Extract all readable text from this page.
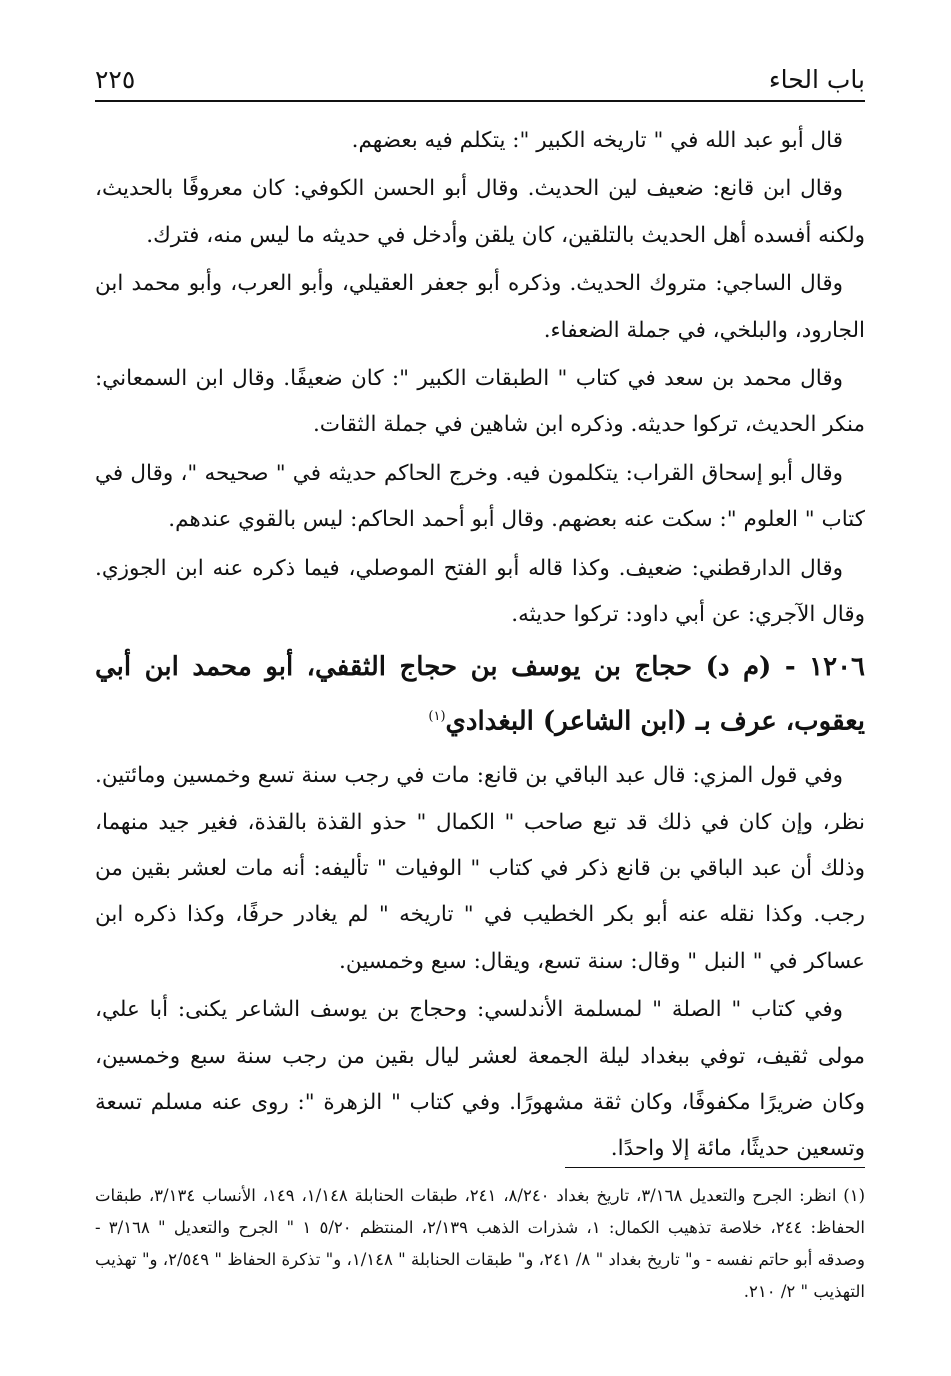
باب الحاء
٢٢٥

قال أبو عبد الله في " تاريخه الكبير ": يتكلم فيه بعضهم.

وقال ابن قانع: ضعيف لين الحديث. وقال أبو الحسن الكوفي: كان معروفًا بالحديث، ولكنه أفسده أهل الحديث بالتلقين، كان يلقن وأدخل في حديثه ما ليس منه، فترك.

وقال الساجي: متروك الحديث. وذكره أبو جعفر العقيلي، وأبو العرب، وأبو محمد ابن الجارود، والبلخي، في جملة الضعفاء.

وقال محمد بن سعد في كتاب " الطبقات الكبير ": كان ضعيفًا. وقال ابن السمعاني: منكر الحديث، تركوا حديثه. وذكره ابن شاهين في جملة الثقات.

وقال أبو إسحاق القراب: يتكلمون فيه. وخرج الحاكم حديثه في " صحيحه "، وقال في كتاب " العلوم ": سكت عنه بعضهم. وقال أبو أحمد الحاكم: ليس بالقوي عندهم.

وقال الدارقطني: ضعيف. وكذا قاله أبو الفتح الموصلي، فيما ذكره عنه ابن الجوزي. وقال الآجري: عن أبي داود: تركوا حديثه.

١٢٠٦ - (م د) حجاج بن يوسف بن حجاج الثقفي، أبو محمد ابن أبي يعقوب، عرف بـ (ابن الشاعر) البغدادي$^{(١)}$

وفي قول المزي: قال عبد الباقي بن قانع: مات في رجب سنة تسع وخمسين ومائتين. نظر، وإن كان في ذلك قد تبع صاحب " الكمال " حذو القذة بالقذة، فغير جيد منهما، وذلك أن عبد الباقي بن قانع ذكر في كتاب " الوفيات " تأليفه: أنه مات لعشر بقين من رجب. وكذا نقله عنه أبو بكر الخطيب في " تاريخه " لم يغادر حرفًا، وكذا ذكره ابن عساكر في " النبل " وقال: سنة تسع، ويقال: سبع وخمسين.

وفي كتاب " الصلة " لمسلمة الأندلسي: وحجاج بن يوسف الشاعر يكنى: أبا علي، مولى ثقيف، توفي ببغداد ليلة الجمعة لعشر ليال بقين من رجب سنة سبع وخمسين، وكان ضريرًا مكفوفًا، وكان ثقة مشهورًا. وفي كتاب " الزهرة ": روى عنه مسلم تسعة وتسعين حديثًا، مائة إلا واحدًا.

(١) انظر: الجرح والتعديل ٣/١٦٨، تاريخ بغداد ٨/٢٤٠، ٢٤١، طبقات الحنابلة ١/١٤٨، ١٤٩، الأنساب ٣/١٣٤، طبقات الحفاظ: ٢٤٤، خلاصة تذهيب الكمال: ١، شذرات الذهب ٢/١٣٩، المنتظم ٥/٢٠ ١ " الجرح والتعديل " ٣/١٦٨ - وصدقه أبو حاتم نفسه - و" تاريخ بغداد " ٨/ ٢٤١، و" طبقات الحنابلة " ١/١٤٨، و" تذكرة الحفاظ " ٢/٥٤٩، و" تهذيب التهذيب " ٢/ ٢١٠.
